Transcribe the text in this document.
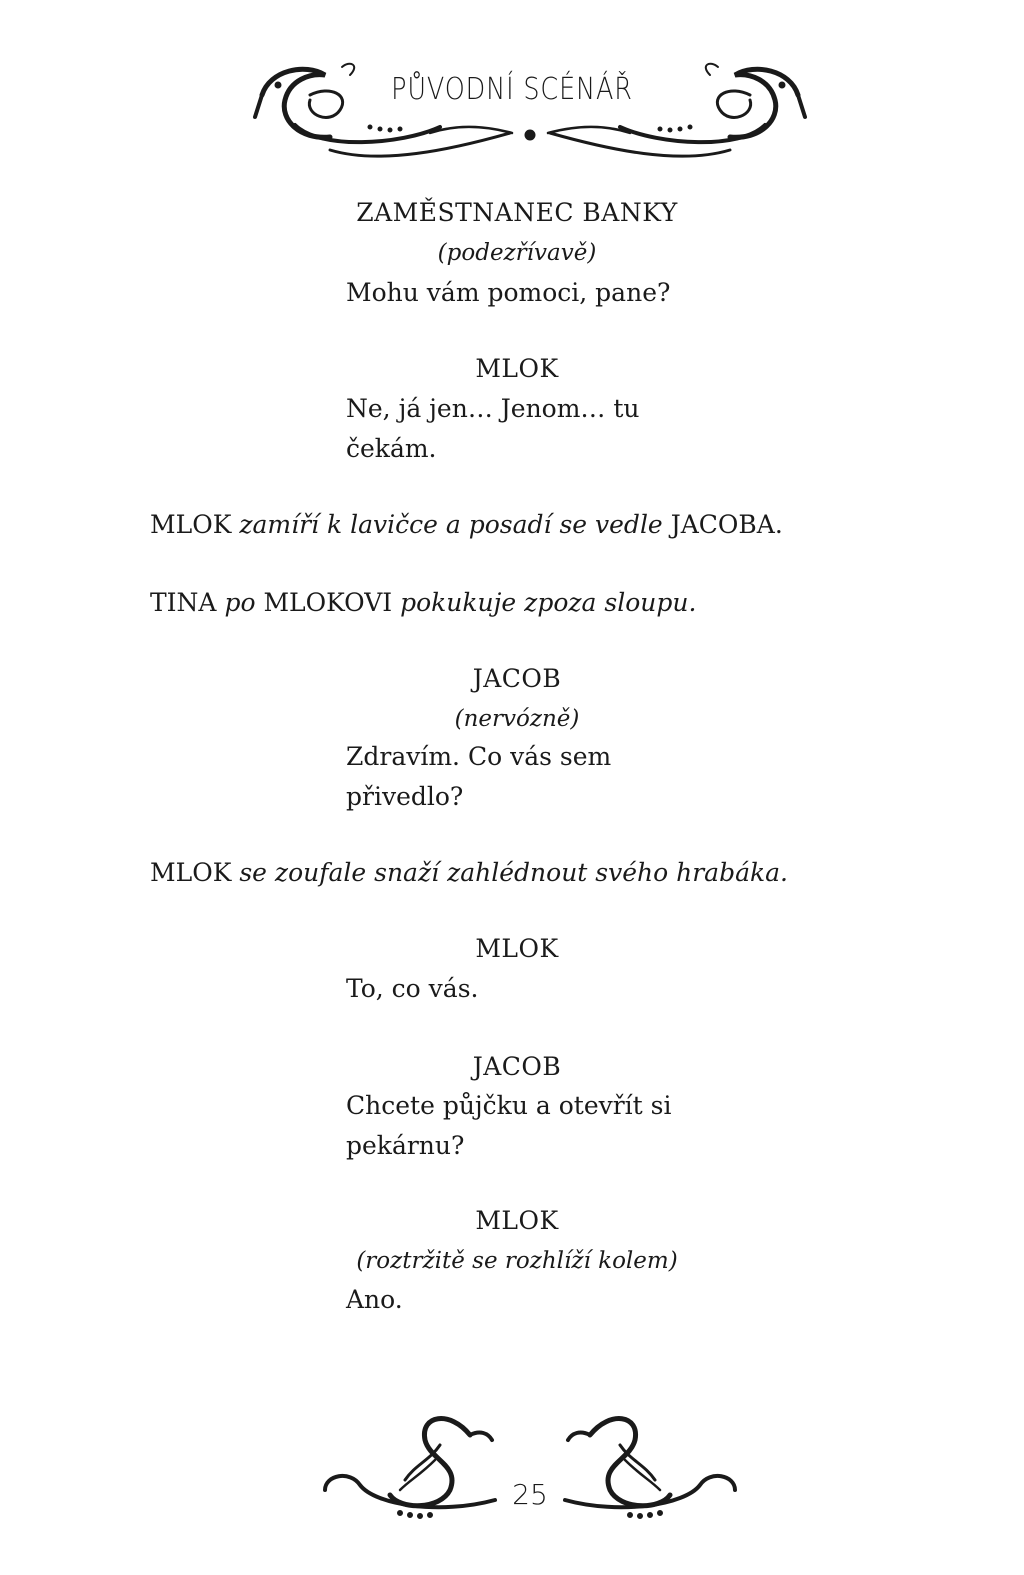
PŮVODNÍ SCÉNÁŘ
ZAMĚSTNANEC BANKY
(podezřívavě)
Mohu vám pomoci, pane?
MLOK
Ne, já jen… Jenom… tu
čekám.
MLOK zamíří k lavičce a posadí se vedle JACOBA.
TINA po MLOKOVI pokukuje zpoza sloupu.
JACOB
(nervózně)
Zdravím. Co vás sem
přivedlo?
MLOK se zoufale snaží zahlédnout svého hrabáka.
MLOK
To, co vás.
JACOB
Chcete půjčku a otevřít si
pekárnu?
MLOK
(roztržitě se rozhlíží kolem)
Ano.
25
